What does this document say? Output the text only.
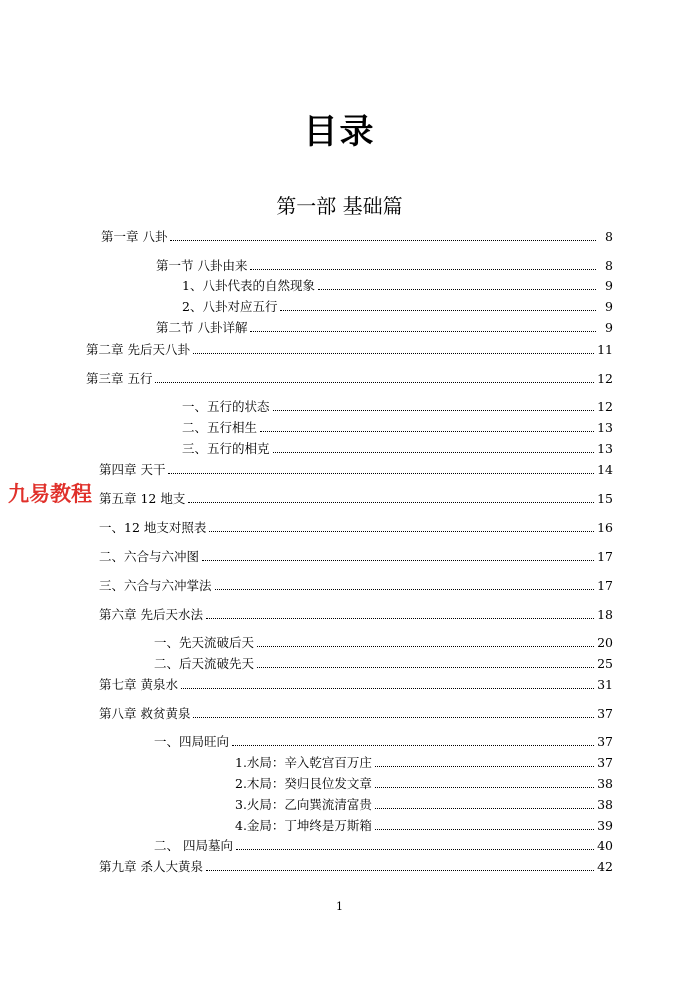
目录
第一部 基础篇
第一章 八卦	8
第一节 八卦由来	8
1、八卦代表的自然现象	9
2、八卦对应五行	9
第二节 八卦详解	9
第二章 先后天八卦	11
第三章 五行	12
一、五行的状态	12
二、五行相生	13
三、五行的相克	13
第四章 天干	14
第五章 12 地支	15
一、12 地支对照表	16
二、六合与六冲图	17
三、六合与六冲掌法	17
第六章 先后天水法	18
一、先天流破后天	20
二、后天流破先天	25
第七章 黄泉水	31
第八章 救贫黄泉	37
一、四局旺向	37
1.水局：辛入乾宫百万庄	37
2.木局：癸归艮位发文章	38
3.火局：乙向巽流清富贵	38
4.金局：丁坤终是万斯箱	39
二、 四局墓向	40
第九章 杀人大黄泉	42
九易教程
1
